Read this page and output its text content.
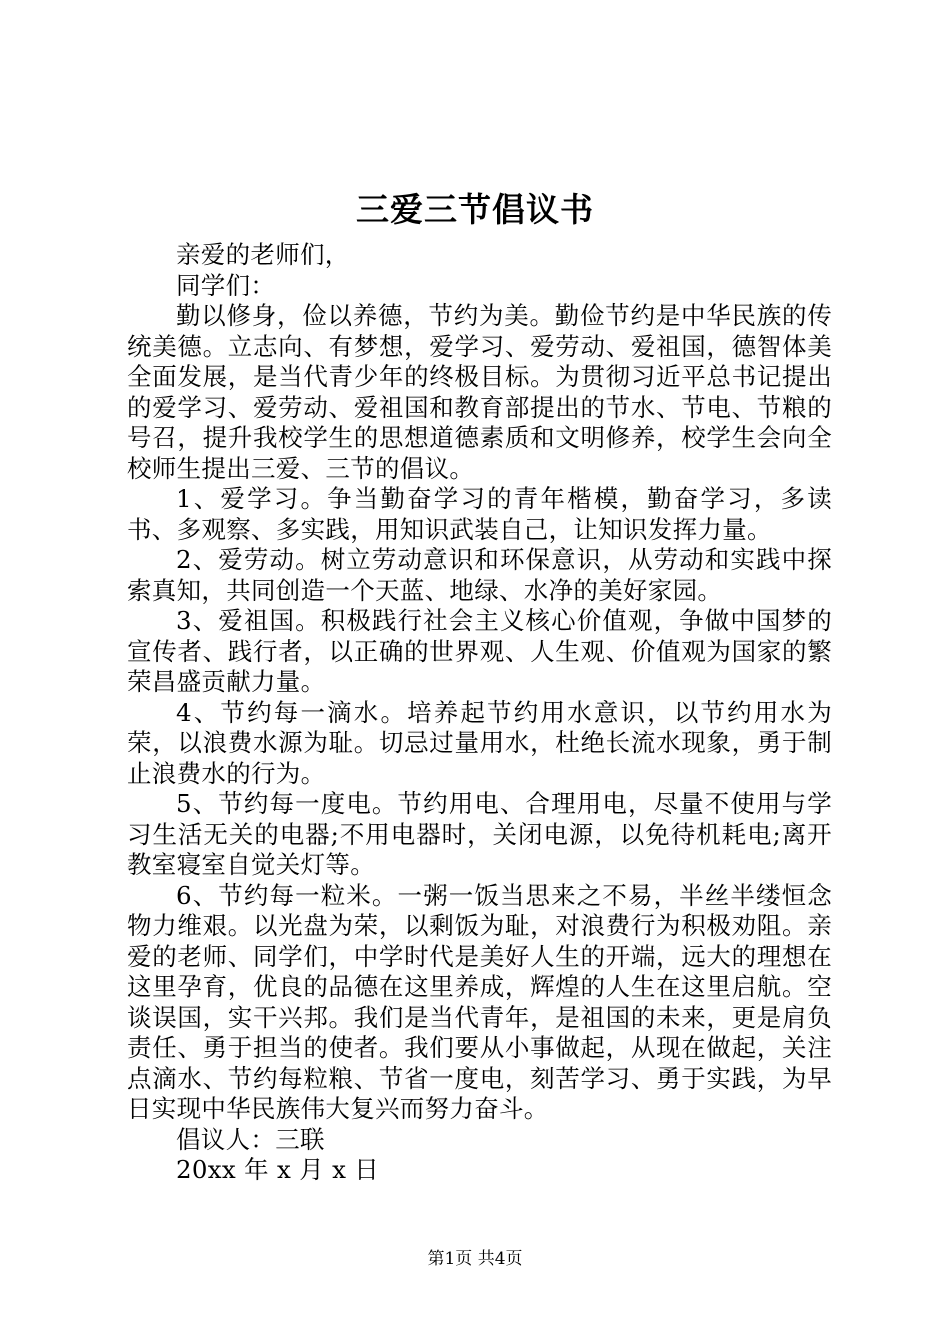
三爱三节倡议书

亲爱的老师们，

同学们：

勤以修身，俭以养德，节约为美。勤俭节约是中华民族的传统美德。立志向、有梦想，爱学习、爱劳动、爱祖国，德智体美全面发展，是当代青少年的终极目标。为贯彻习近平总书记提出的爱学习、爱劳动、爱祖国和教育部提出的节水、节电、节粮的号召，提升我校学生的思想道德素质和文明修养，校学生会向全校师生提出三爱、三节的倡议。

1、爱学习。争当勤奋学习的青年楷模，勤奋学习，多读书、多观察、多实践，用知识武装自己，让知识发挥力量。

2、爱劳动。树立劳动意识和环保意识，从劳动和实践中探索真知，共同创造一个天蓝、地绿、水净的美好家园。

3、爱祖国。积极践行社会主义核心价值观，争做中国梦的宣传者、践行者，以正确的世界观、人生观、价值观为国家的繁荣昌盛贡献力量。

4、节约每一滴水。培养起节约用水意识，以节约用水为荣，以浪费水源为耻。切忌过量用水，杜绝长流水现象，勇于制止浪费水的行为。

5、节约每一度电。节约用电、合理用电，尽量不使用与学习生活无关的电器;不用电器时，关闭电源，以免待机耗电;离开教室寝室自觉关灯等。

6、节约每一粒米。一粥一饭当思来之不易，半丝半缕恒念物力维艰。以光盘为荣，以剩饭为耻，对浪费行为积极劝阻。亲爱的老师、同学们，中学时代是美好人生的开端，远大的理想在这里孕育，优良的品德在这里养成，辉煌的人生在这里启航。空谈误国，实干兴邦。我们是当代青年，是祖国的未来，更是肩负责任、勇于担当的使者。我们要从小事做起，从现在做起，关注点滴水、节约每粒粮、节省一度电，刻苦学习、勇于实践，为早日实现中华民族伟大复兴而努力奋斗。

倡议人：三联

20xx 年 x 月 x 日

第1页 共4页
